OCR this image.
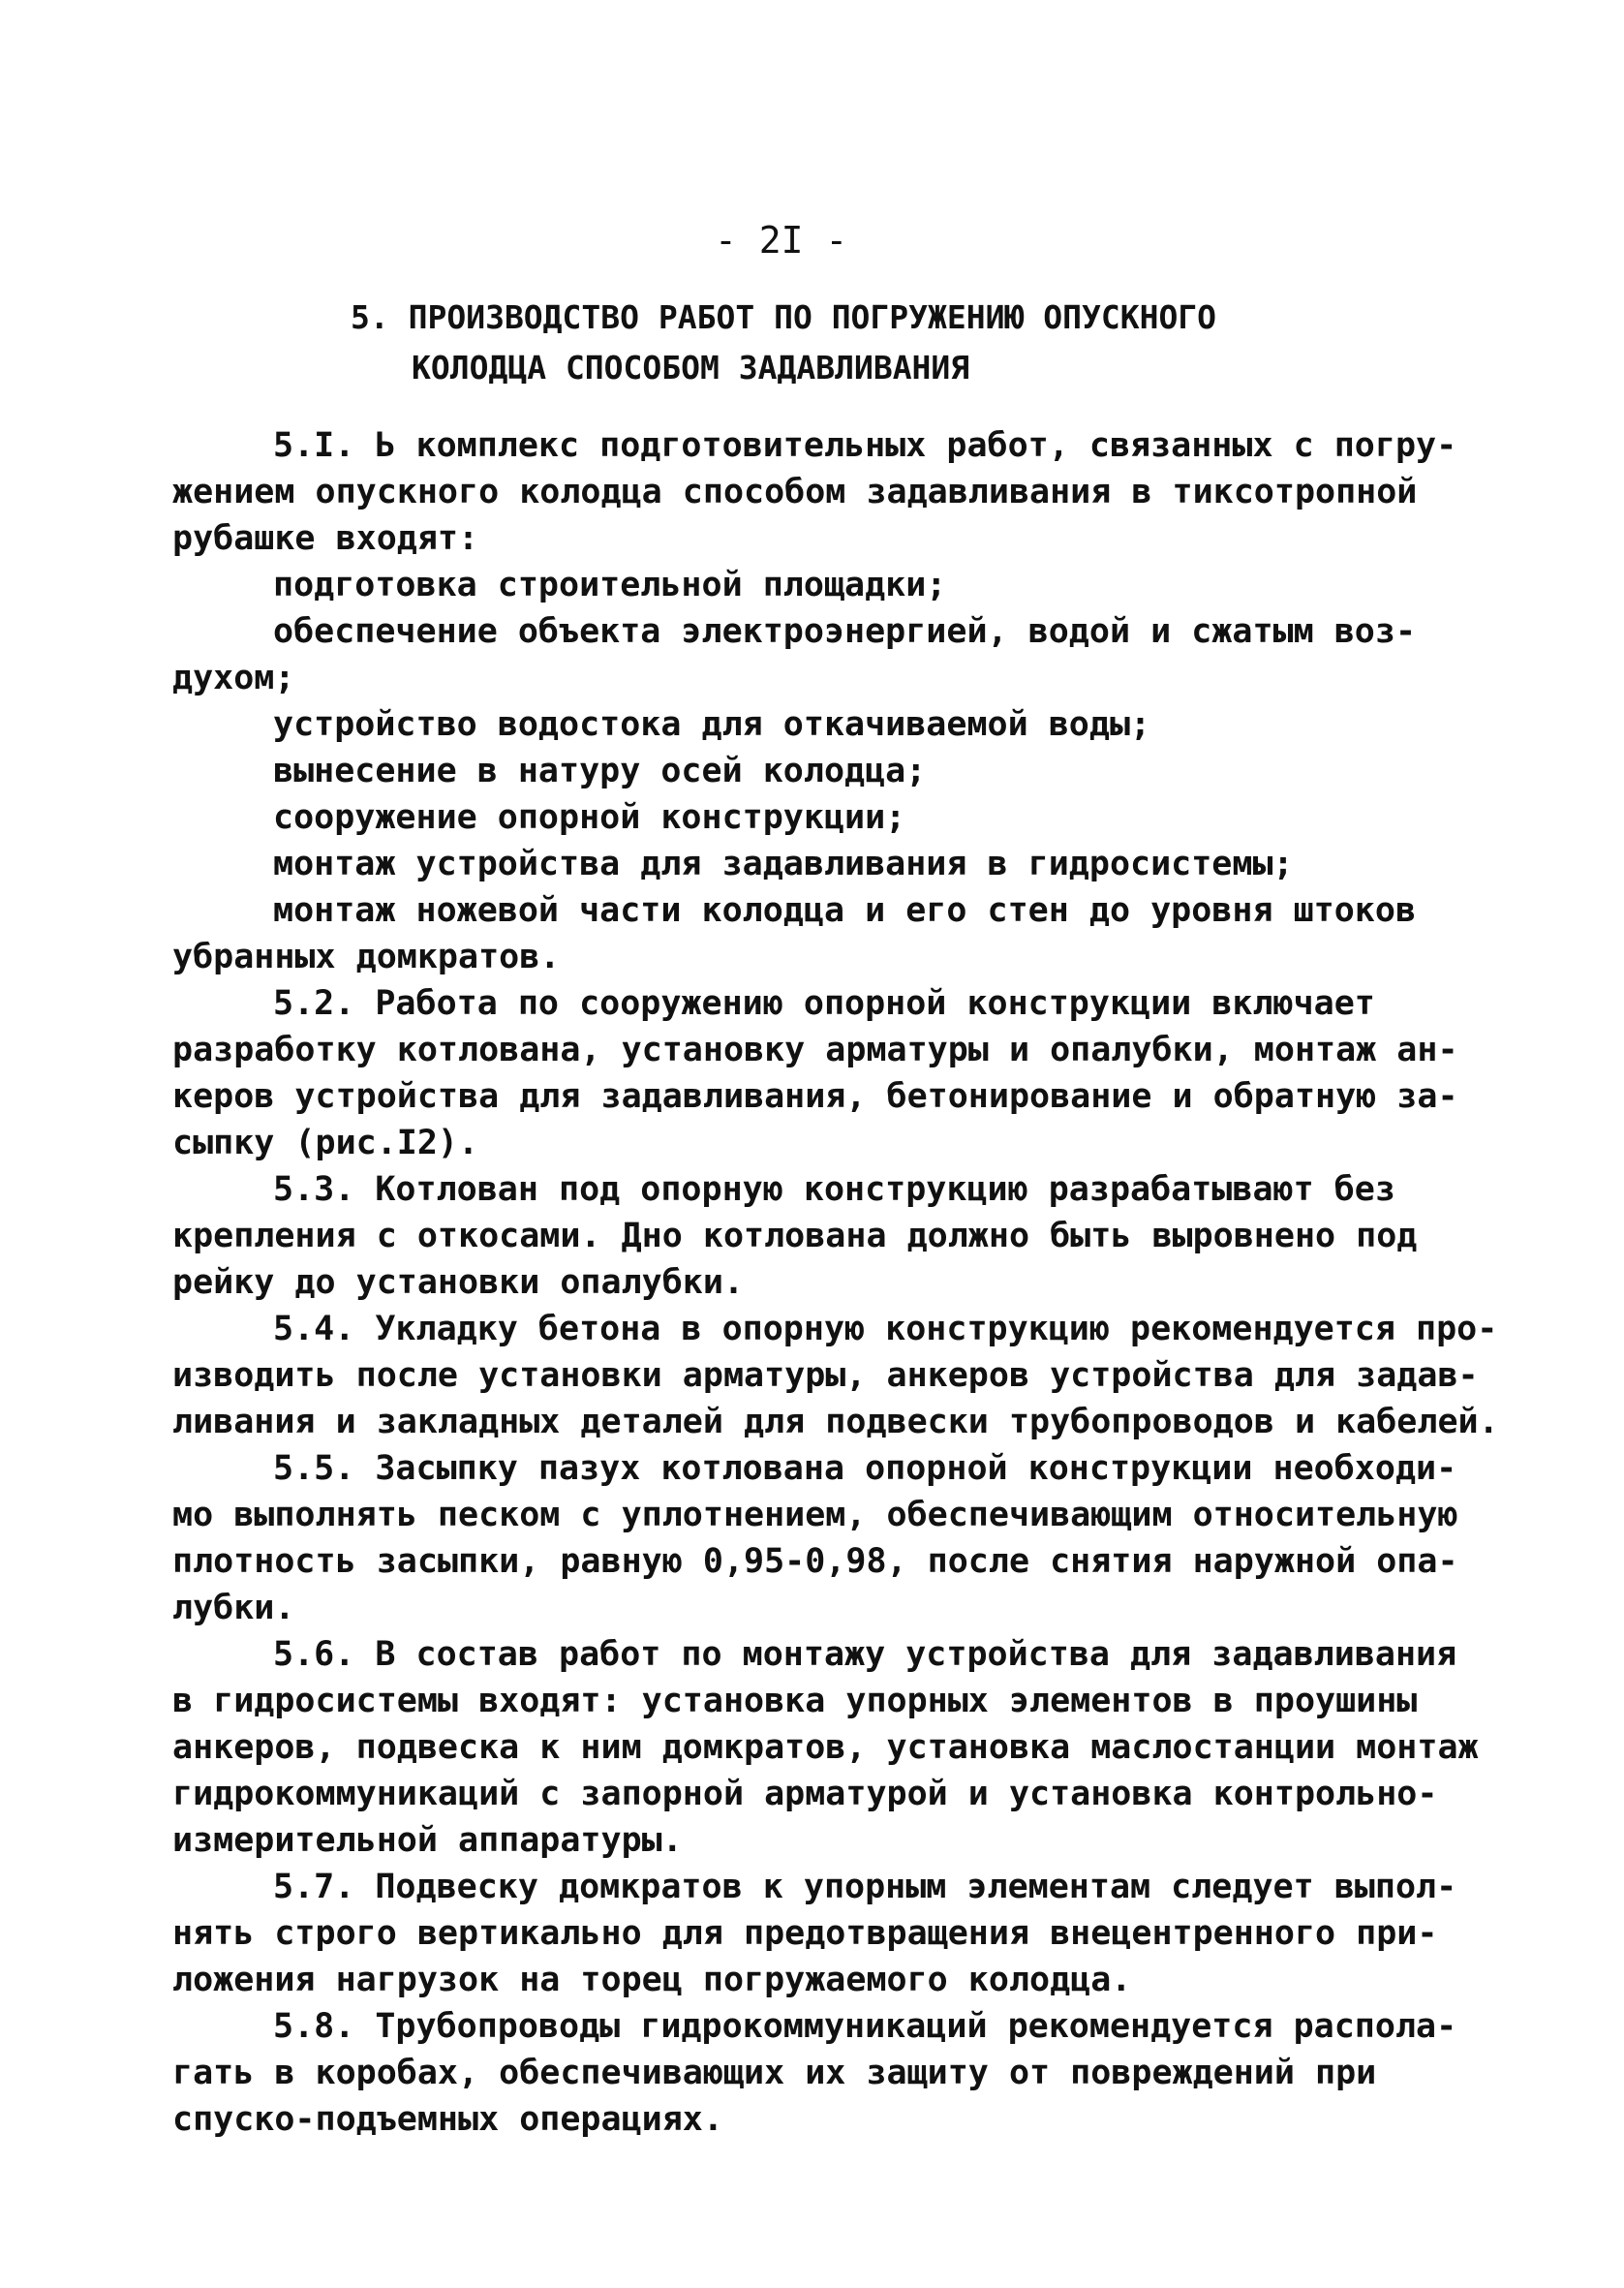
- 2I -
5. ПРОИЗВОДСТВО РАБОТ ПО ПОГРУЖЕНИЮ ОПУСКНОГО
КОЛОДЦА СПОСОБОМ ЗАДАВЛИВАНИЯ
5.I. Ь комплекс подготовительных работ, связанных с погру-
жением опускного колодца способом задавливания в тиксотропной
рубашке входят:
подготовка строительной площадки;
обеспечение объекта электроэнергией, водой и сжатым воз-
духом;
устройство водостока для откачиваемой воды;
вынесение в натуру осей колодца;
сооружение опорной конструкции;
монтаж устройства для задавливания в гидросистемы;
монтаж ножевой части колодца и его стен до уровня штоков
убранных домкратов.
5.2. Работа по сооружению опорной конструкции включает
разработку котлована, установку арматуры и опалубки, монтаж ан-
керов устройства для задавливания, бетонирование и обратную за-
сыпку (рис.I2).
5.3. Котлован под опорную конструкцию разрабатывают без
крепления с откосами. Дно котлована должно быть выровнено под
рейку до установки опалубки.
5.4. Укладку бетона в опорную конструкцию рекомендуется про-
изводить после установки арматуры, анкеров устройства для задав-
ливания и закладных деталей для подвески трубопроводов и кабелей.
5.5. Засыпку пазух котлована опорной конструкции необходи-
мо выполнять песком с уплотнением, обеспечивающим относительную
плотность засыпки, равную 0,95-0,98, после снятия наружной опа-
лубки.
5.6. В состав работ по монтажу устройства для задавливания
в гидросистемы входят: установка упорных элементов в проушины
анкеров, подвеска к ним домкратов, установка маслостанции монтаж
гидрокоммуникаций с запорной арматурой и установка контрольно-
измерительной аппаратуры.
5.7. Подвеску домкратов к упорным элементам следует выпол-
нять строго вертикально для предотвращения внецентренного при-
ложения нагрузок на торец погружаемого колодца.
5.8. Трубопроводы гидрокоммуникаций рекомендуется распола-
гать в коробах, обеспечивающих их защиту от повреждений при
спуско-подъемных операциях.
